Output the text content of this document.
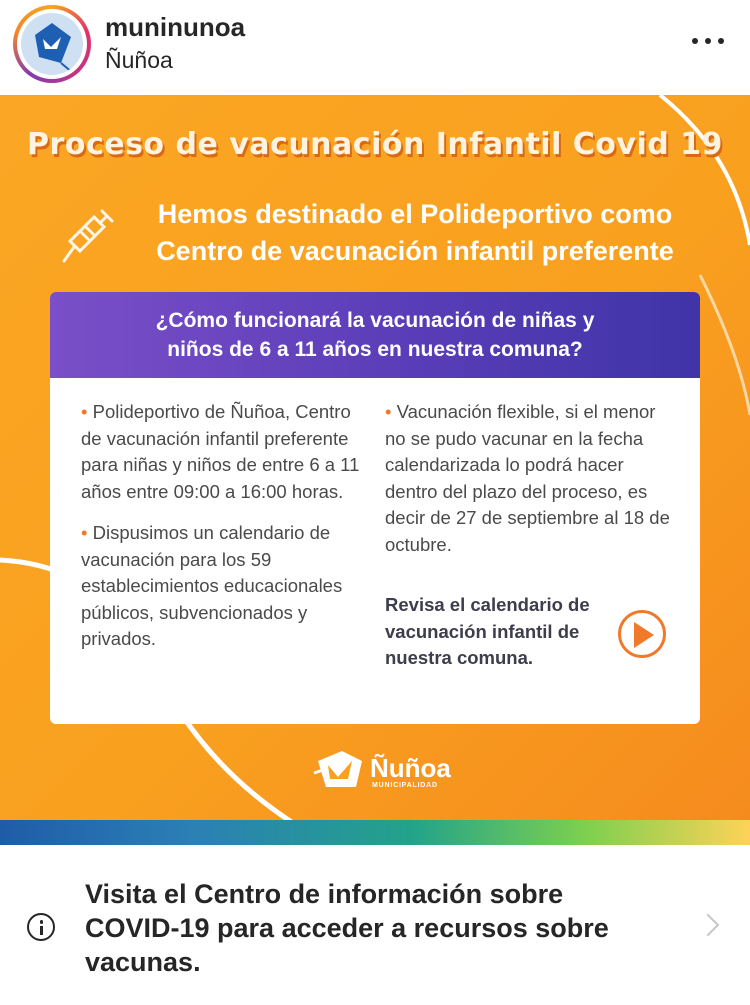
muninunoa
Ñuñoa
Proceso de vacunación Infantil Covid 19
Hemos destinado el Polideportivo como
Centro de vacunación infantil preferente
¿Cómo funcionará la vacunación de niñas y
niños de 6 a 11 años en nuestra comuna?

• Polideportivo de Ñuñoa, Centro de vacunación infantil preferente para niñas y niños de entre 6 a 11 años entre 09:00 a 16:00 horas.

• Dispusimos un calendario de vacunación para los 59 establecimientos educacionales públicos, subvencionados y privados.

• Vacunación flexible, si el menor no se pudo vacunar en la fecha calendarizada lo podrá hacer dentro del plazo del proceso, es decir de 27 de septiembre al 18 de octubre.

Revisa el calendario de vacunación infantil de nuestra comuna.
Ñuñoa
MUNICIPALIDAD
Visita el Centro de información sobre COVID-19 para acceder a recursos sobre vacunas.
